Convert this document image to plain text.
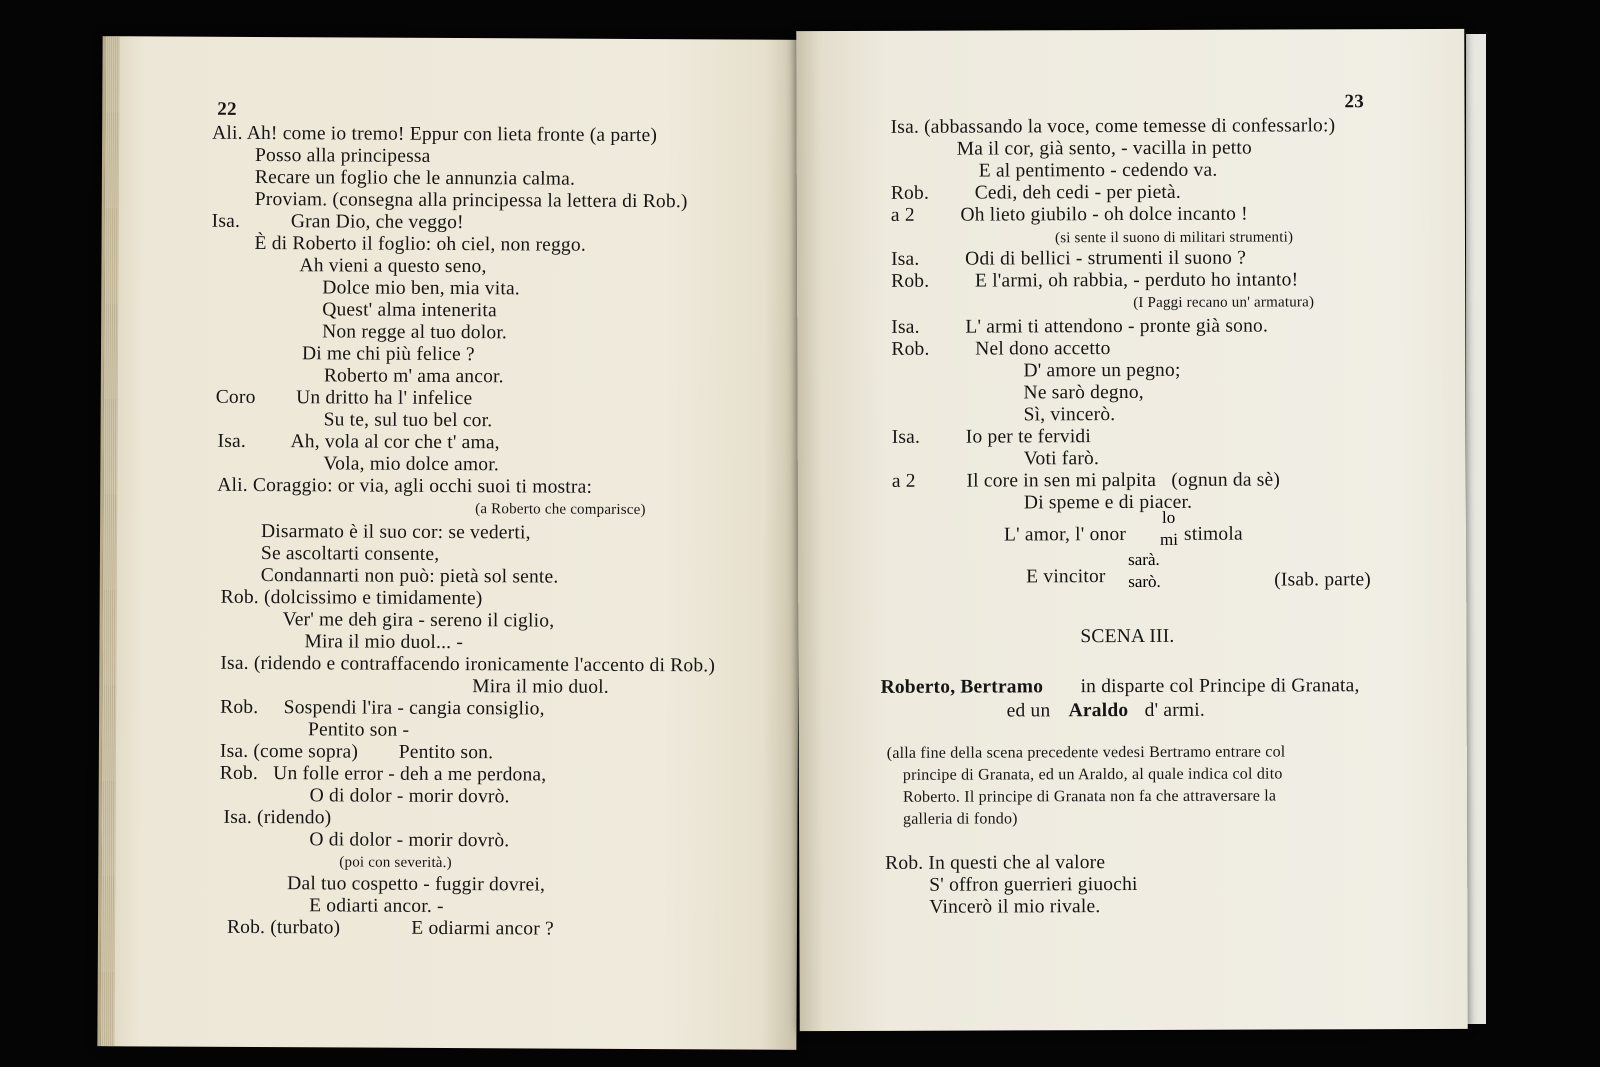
22
Ali. Ah! come io tremo! Eppur con lieta fronte (a parte)
Posso alla principessa
Recare un foglio che le annunzia calma.
Proviam. (consegna alla principessa la lettera di Rob.)
Isa.          Gran Dio, che veggo!
È di Roberto il foglio: oh ciel, non reggo.
Ah vieni a questo seno,
Dolce mio ben, mia vita.
Quest' alma intenerita
Non regge al tuo dolor.
Di me chi più felice ?
Roberto m' ama ancor.
Coro        Un dritto ha l' infelice
Su te, sul tuo bel cor.
Isa.         Ah, vola al cor che t' ama,
Vola, mio dolce amor.
Ali. Coraggio: or via, agli occhi suoi ti mostra:
(a Roberto che comparisce)
Disarmato è il suo cor: se vederti,
Se ascoltarti consente,
Condannarti non può: pietà sol sente.
Rob. (dolcissimo e timidamente)
Ver' me deh gira - sereno il ciglio,
Mira il mio duol... -
Isa. (ridendo e contraffacendo ironicamente l'accento di Rob.)
Mira il mio duol.
Rob.     Sospendi l'ira - cangia consiglio,
Pentito son -
Isa. (come sopra)        Pentito son.
Rob.   Un folle error - deh a me perdona,
O di dolor - morir dovrò.
Isa. (ridendo)
O di dolor - morir dovrò.
(poi con severità.)
Dal tuo cospetto - fuggir dovrei,
E odiarti ancor. -
Rob. (turbato)              E odiarmi ancor ?
23
Isa. (abbassando la voce, come temesse di confessarlo:)
Ma il cor, già sento, - vacilla in petto
E al pentimento - cedendo va.
Rob.         Cedi, deh cedi - per pietà.
a 2         Oh lieto giubilo - oh dolce incanto !
(si sente il suono di militari strumenti)
Isa.         Odi di bellici - strumenti il suono ?
Rob.         E l'armi, oh rabbia, - perduto ho intanto!
(I Paggi recano un' armatura)
Isa.         L' armi ti attendono - pronte già sono.
Rob.         Nel dono accetto
D' amore un pegno;
Ne sarò degno,
Sì, vincerò.
Isa.         Io per te fervidi
Voti farò.
a 2          Il core in sen mi palpita   (ognun da sè)
Di speme e di piacer.
L' amor, l' onor
lo
mi stimola
E vincitor
sarà.
sarò.	(Isab. parte)
SCENA III.
Roberto, Bertramo in disparte col Principe di Granata,
ed un Araldo d' armi.
(alla fine della scena precedente vedesi Bertramo entrare col
principe di Granata, ed un Araldo, al quale indica col dito
Roberto. Il principe di Granata non fa che attraversare la
galleria di fondo)
Rob. In questi che al valore
S' offron guerrieri giuochi
Vincerò il mio rivale.
